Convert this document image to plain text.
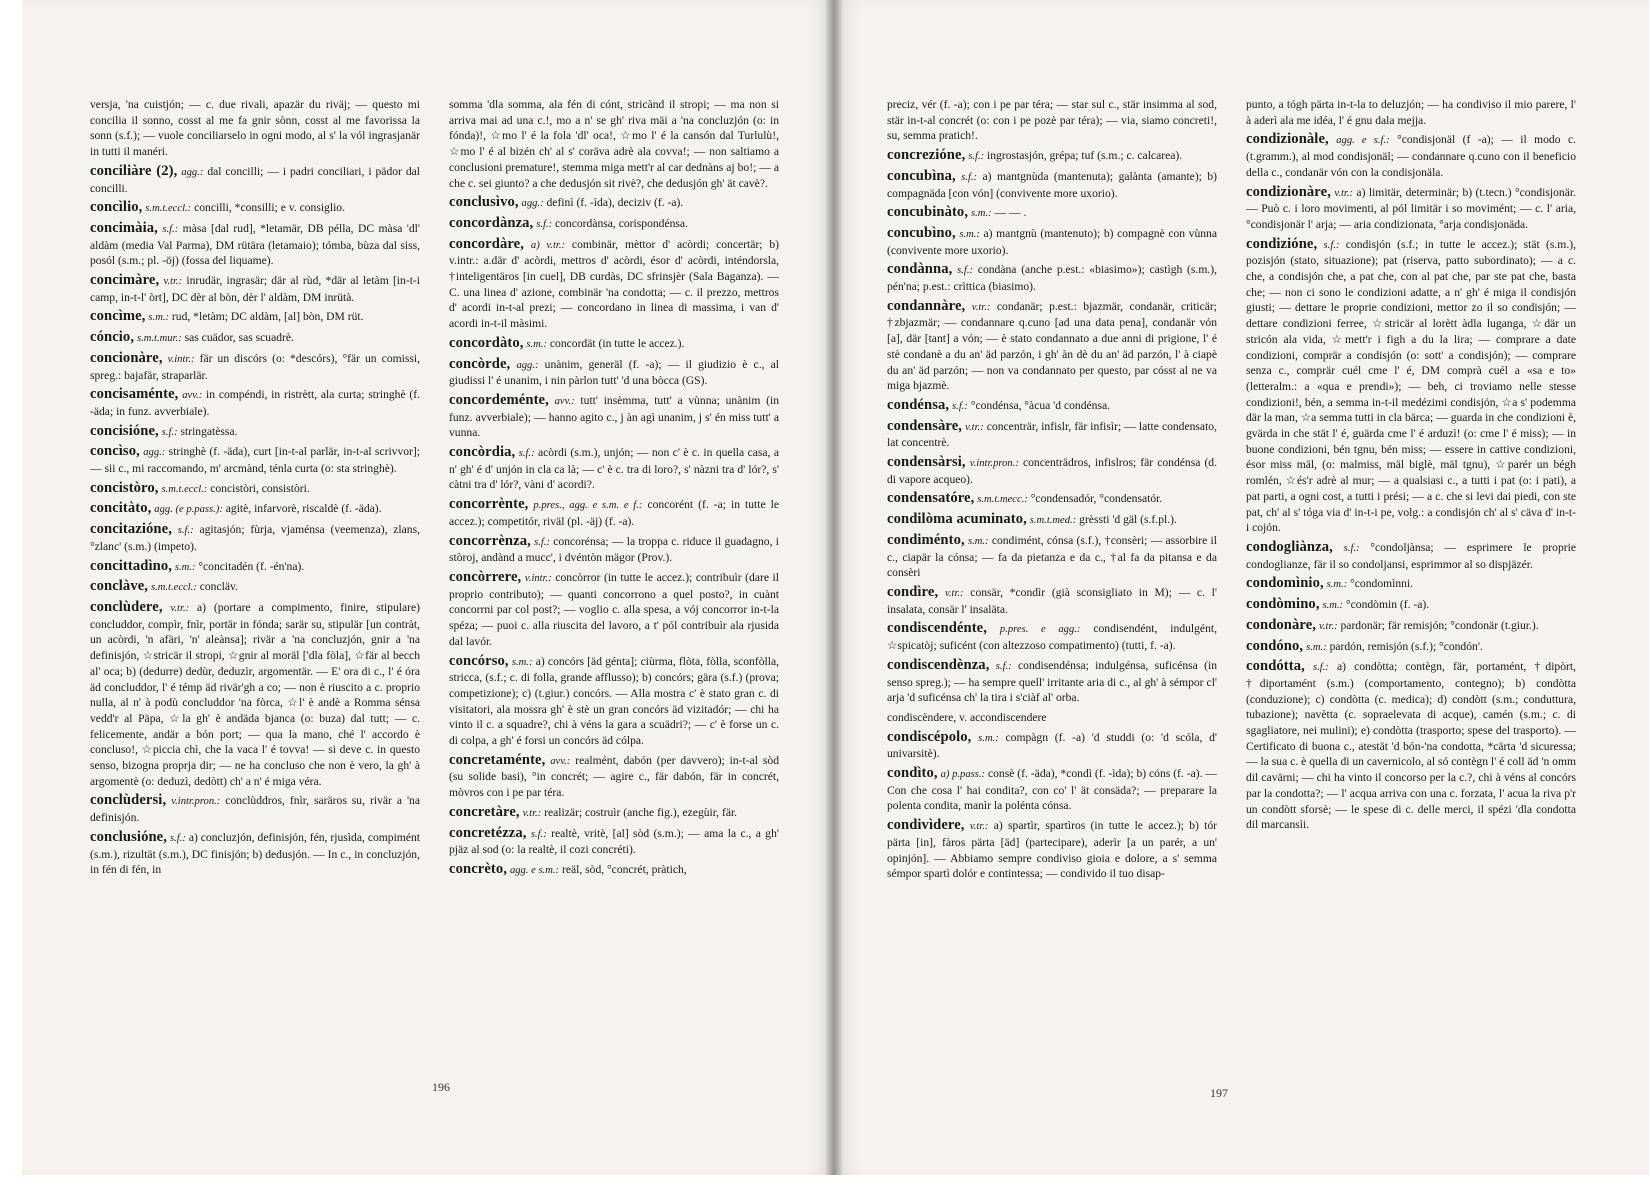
versja, 'na cuistjón; — c. due rivali, apazär du riväj; — questo mi concilia il sonno, cosst al me fa gnir sònn, cosst al me favorissa la sonn (s.f.); — vuole conciliarselo in ogni modo, al s' la vól ingrasjanär in tutti il manéri.

conciliàre (2), agg.: dal concilli; — i padri conciliari, i pädor dal concilli.

concìlio, s.m.t.eccl.: concilli, *consilli; e v. consiglio.

concimàia, s.f.: màsa [dal rud], *letamär, DB pélla, DC màsa 'dl' aldàm (media Val Parma), DM rütära (letamaio); tómba, bùza dal siss, posól (s.m.; pl. -öj) (fossa del liquame).

concimàre, v.tr.: inrudär, ingrasär; där al rùd, *där al letàm [in-t-i camp, in-t-l' òrt], DC dèr al bòn, dèr l' aldàm, DM inrütà.

concìme, s.m.: rud, *letàm; DC aldàm, [al] bòn, DM rüt.

cóncio, s.m.t.mur.: sas cuädor, sas scuadrè.

concionàre, v.intr.: fär un discórs (o: *descórs), °fär un comissi, spreg.: bajafär, straparlär.

concisaménte, avv.: in compéndi, in ristrètt, ala curta; stringhè (f. -äda; in funz. avverbiale).

concisióne, s.f.: stringatèssa.

concìso, agg.: stringhè (f. -äda), curt [in-t-al parlär, in-t-al scrivvor]; — sii c., mi raccomando, m' arcmànd, ténla curta (o: sta stringhè).

concistòro, s.m.t.eccl.: concistòri, consistòri.

concitàto, agg. (e p.pass.): agitè, infarvorè, riscaldè (f. -äda).

concitazióne, s.f.: agitasjón; fùrja, vjaménsa (veemenza), zlans, °zlanc' (s.m.) (impeto).

concittadìno, s.m.: °concitadén (f. -én'na).

conclàve, s.m.t.eccl.: concläv.

conclùdere, v.tr.: a) (portare a compimento, finire, stipulare) concluddor, compìr, fnìr, portär in fónda; sarär su, stipulär [un contràt, un acòrdi, 'n afäri, 'n' aleànsa]; rivär a 'na concluzjón, gnir a 'na definisjón, ☆stricär il stropi, ☆gnir al moräl ['dla fòla], ☆fär al becch al' oca; b) (dedurre) dedùr, deduzìr, argomentär. — E' ora di c., l' é óra äd concluddor, l' é témp äd rivär'gh a co; — non è riuscito a c. proprio nulla, al n' à podù concluddor 'na fòrca, ☆l' è andè a Romma sénsa vedd'r al Päpa, ☆la gh' è andäda bjanca (o: buza) dal tutt; — c. felicemente, andär a bón port; — qua la mano, ché l' accordo è concluso!, ☆piccia chì, che la vaca l' é tovva! — si deve c. in questo senso, bizogna proprja dir; — ne ha concluso che non è vero, la gh' à argomentè (o: deduzì, dedòtt) ch' a n' é miga véra.

conclùdersi, v.intr.pron.: conclùddros, fnìr, saräros su, rivär a 'na definisjón.

conclusióne, s.f.: a) concluzjón, definisjón, fén, rjusìda, compimént (s.m.), rizultät (s.m.), DC finisjón; b) dedusjón. — In c., in concluzjón, in fén di fén, in

somma 'dla somma, ala fén di cónt, stricànd il stropi; — ma non si arriva mai ad una c.!, mo a n' se gh' riva mäi a 'na concluzjón (o: in fónda)!, ☆mo l' é la fola 'dl' oca!, ☆mo l' é la cansón dal Turlulù!, ☆mo l' é al bizén ch' al s' coräva adrè ala covva!; — non saltiamo a conclusioni premature!, stemma miga mett'r al car dednàns aj bo!; — a che c. sei giunto? a che dedusjón sit rivè?, che dedusjón gh' ät cavè?.

conclusìvo, agg.: definì (f. -ìda), deciziv (f. -a).

concordànza, s.f.: concordànsa, corispondénsa.

concordàre, a) v.tr.: combinär, mèttor d' acòrdi; concertär; b) v.intr.: a.där d' acòrdi, mettros d' acòrdi, ésor d' acòrdi, inténdorsla, †inteligentäros [in cuel], DB curdàs, DC sfrinsjèr (Sala Baganza). — C. una linea d' azione, combinär 'na condotta; — c. il prezzo, mettros d' acordi in-t-al prezi; — concordano in linea di massima, i van d' acordi in-t-il màsimi.

concordàto, s.m.: concordät (in tutte le accez.).

concòrde, agg.: unànim, generäl (f. -a); — il giudizio è c., al giudissi l' é unanim, i nin pàrlon tutt' 'd una bòcca (GS).

concordeménte, avv.: tutt' insèmma, tutt' a vùnna; unànim (in funz. avverbiale); — hanno agito c., j àn agì unanim, j s' én miss tutt' a vunna.

concòrdia, s.f.: acòrdi (s.m.), unjón; — non c' è c. in quella casa, a n' gh' é d' unjón in cla ca là; — c' è c. tra di loro?, s' nàzni tra d' lór?, s' càtni tra d' lór?, vàni d' acordi?.

concorrènte, p.pres., agg. e s.m. e f.: concorént (f. -a; in tutte le accez.); competitór, riväl (pl. -äj) (f. -a).

concorrènza, s.f.: concorénsa; — la troppa c. riduce il guadagno, i stòroj, andànd a mucc', i dvéntòn mägor (Prov.).

concòrrere, v.intr.: concòrror (in tutte le accez.); contribuìr (dare il proprio contributo); — quanti concorrono a quel posto?, in cuànt concorrni par col post?; — voglio c. alla spesa, a vój concorror in-t-la spéza; — puoi c. alla riuscita del lavoro, a t' pól contribuìr ala rjusida dal lavór.

concórso, s.m.: a) concórs [äd génta]; ciùrma, flòta, fòlla, sconfòlla, stricca, (s.f.; c. di folla, grande afflusso); b) concórs; gära (s.f.) (prova; competizione); c) (t.giur.) concórs. — Alla mostra c' è stato gran c. di visitatori, ala mossra gh' è stè un gran concórs äd vizitadór; — chi ha vinto il c. a squadre?, chi à véns la gara a scuädri?; — c' è forse un c. di colpa, a gh' é forsi un concórs äd cólpa.

concretaménte, avv.: realmént, dabón (per davvero); in-t-al sòd (su solide basi), °in concrét; — agire c., fär dabón, fär in concrét, mòvros con i pe par téra.

concretàre, v.tr.: realizär; costruìr (anche fig.), ezegùir, fär.

concretézza, s.f.: realtè, vritè, [al] sòd (s.m.); — ama la c., a gh' pjäz al sod (o: la realtè, il cozi concréti).

concrèto, agg. e s.m.: reäl, sòd, °concrét, pràtich,

preciz, vér (f. -a); con i pe par téra; — star sul c., stär insimma al sod, stär in-t-al concrét (o: con i pe pozè par téra); — via, siamo concreti!, su, semma pratich!.

concrezióne, s.f.: ingrostasjón, grépa; tuf (s.m.; c. calcarea).

concubìna, s.f.: a) mantgnùda (mantenuta); galànta (amante); b) compagnäda [con vón] (convivente more uxorio).

concubinàto, s.m.: — — .

concubìno, s.m.: a) mantgnù (mantenuto); b) compagnè con vùnna (convivente more uxorio).

condànna, s.f.: condàna (anche p.est.: «biasimo»); castìgh (s.m.), pén'na; p.est.: crìttica (biasimo).

condannàre, v.tr.: condanär; p.est.: bjazmär, condanär, criticär; †zbjazmär; — condannare q.cuno [ad una data pena], condanär vón [a], där [tant] a vón; — è stato condannato a due anni di prigione, l' é stè condanè a du an' äd parzón, i gh' àn dè du an' äd parzón, l' à ciapè du an' äd parzón; — non va condannato per questo, par cósst al ne va miga bjazmè.

condénsa, s.f.: °condénsa, °àcua 'd condénsa.

condensàre, v.tr.: concenträr, infislr, fär infisìr; — latte condensato, lat concentrè.

condensàrsi, v.intr.pron.: concenträdros, infislros; fär condénsa (d. di vapore acqueo).

condensatóre, s.m.t.mecc.: °condensadór, °condensatór.

condilòma acuminato, s.m.t.med.: grèssti 'd gäl (s.f.pl.).

condiménto, s.m.: condimént, cónsa (s.f.), †consèri; — assorbire il c., ciapär la cónsa; — fa da pietanza e da c., †al fa da pitansa e da consèri

condìre, v.tr.: consär, *condìr (già sconsigliato in M); — c. l' insalata, consär l' insaläta.

condiscendénte, p.pres. e agg.: condisendént, indulgént, ☆spicatòj; suficént (con altezzoso compatimento) (tutti, f. -a).

condiscendènza, s.f.: condisendénsa; indulgénsa, suficénsa (in senso spreg.); — ha sempre quell' irritante aria di c., al gh' à sémpor cl' arja 'd suficénsa ch' la tira i s'ciàf al' orba.

condiscèndere, v. accondiscendere

condiscépolo, s.m.: compàgn (f. -a) 'd studdi (o: 'd scóla, d' univarsitè).

condìto, a) p.pass.: consè (f. -äda), *condì (f. -ìda); b) cóns (f. -a). — Con che cosa l' hai condita?, con co' l' ät consäda?; — preparare la polenta condita, manìr la polénta cónsa.

condivìdere, v.tr.: a) spartìr, spartìros (in tutte le accez.); b) tór pärta [in], fàros pärta [äd] (partecipare), aderìr [a un parér, a un' opinjón]. — Abbiamo sempre condiviso gioia e dolore, a s' semma sémpor spartì dolór e contintessa; — condivido il tuo disap-

punto, a tógh pärta in-t-la to deluzjón; — ha condiviso il mio parere, l' à aderì ala me idéa, l' é gnu dala mejja.

condizionàle, agg. e s.f.: °condisjonäl (f -a); — il modo c. (t.gramm.), al mod condisjonäl; — condannare q.cuno con il beneficio della c., condanär vón con la condisjonäla.

condizionàre, v.tr.: a) limitär, determinär; b) (t.tecn.) °condisjonär. — Può c. i loro movimenti, al pól limitär i so movimént; — c. l' aria, °condisjonär l' arja; — aria condizionata, °arja condisjonäda.

condizióne, s.f.: condisjón (s.f.; in tutte le accez.); stät (s.m.), pozisjón (stato, situazione); pat (riserva, patto subordinato); — a c. che, a condisjón che, a pat che, con al pat che, par ste pat che, basta che; — non ci sono le condizioni adatte, a n' gh' é miga il condisjón giusti; — dettare le proprie condizioni, mettor zo il so condisjón; — dettare condizioni ferree, ☆stricär al lorètt àdla luganga, ☆där un stricón ala vida, ☆mett'r i figh a du la lira; — comprare a date condizioni, comprär a condisjón (o: sott' a condisjón); — comprare senza c., comprär cuél cme l' é, DM comprà cuél a «sa e to» (letteralm.: a «qua e prendi»); — beh, ci troviamo nelle stesse condizioni!, bén, a semma in-t-il medézimi condisjón, ☆a s' podemma där la man, ☆a semma tutti in cla bärca; — guarda in che condizioni è, gvärda in che stät l' é, guärda cme l' é arduzì! (o: cme l' é miss); — in buone condizioni, bén tgnu, bén miss; — essere in cattive condizioni, ésor miss mäl, (o: malmiss, mäl biglè, mäl tgnu), ☆parér un bégh romlén, ☆és'r adrè al mur; — a qualsiasi c., a tutti i pat (o: i pati), a pat parti, a ogni cost, a tutti i prési; — a c. che si levi dai piedi, con ste pat, ch' al s' tóga via d' in-t-i pe, volg.: a condisjón ch' al s' cäva d' in-t-i cojón.

condogliànza, s.f.: °condoljànsa; — esprimere le proprie condoglianze, fär il so condoljansi, esprimmor al so dispjäzér.

condomìnio, s.m.: °condomìnni.

condòmino, s.m.: °condòmin (f. -a).

condonàre, v.tr.: pardonär; fär remisjón; °condonär (t.giur.).

condóno, s.m.: pardón, remisjón (s.f.); °condón'.

condótta, s.f.: a) condòtta; contègn, fär, portamént, †dipòrt, †diportamént (s.m.) (comportamento, contegno); b) condòtta (conduzione); c) condòtta (c. medica); d) condòtt (s.m.; conduttura, tubazione); navètta (c. sopraelevata di acque), camén (s.m.; c. di sgagliatore, nei mulini); e) condòtta (trasporto; spese del trasporto). — Certificato di buona c., atestät 'd bón-'na condotta, *cärta 'd sicuressa; — la sua c. è quella di un cavernicolo, al só contègn l' é coll äd 'n omm dil cavärni; — chi ha vinto il concorso per la c.?, chi à véns al concórs par la condotta?; — l' acqua arriva con una c. forzata, l' acua la riva p'r un condòtt sforsè; — le spese di c. delle merci, il spézi 'dla condotta dil marcansìi.

196	197
